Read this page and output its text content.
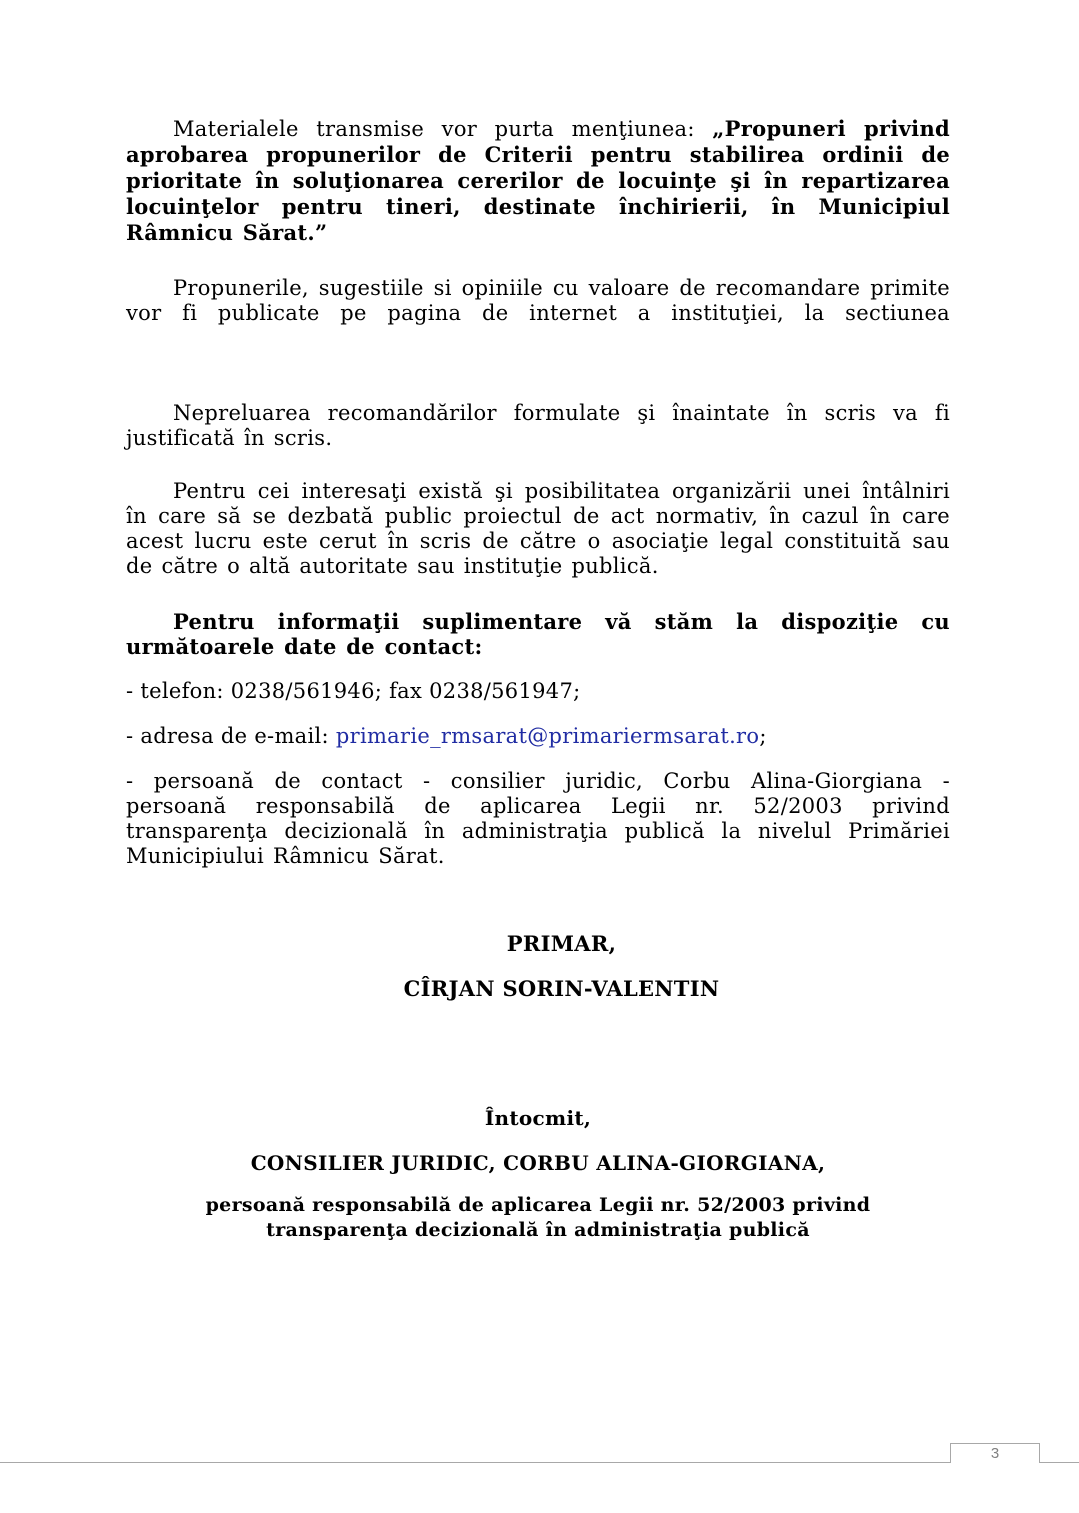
Materialele transmise vor purta menţiunea: „Propuneri privind aprobarea propunerilor de Criterii pentru stabilirea ordinii de prioritate în soluţionarea cererilor de locuinţe şi în repartizarea locuinţelor pentru tineri, destinate închirierii, în Municipiul Râmnicu Sărat.”

Propunerile, sugestiile si opiniile cu valoare de recomandare primite vor fi publicate pe pagina de internet a instituţiei, la sectiunea

Nepreluarea recomandărilor formulate şi înaintate în scris va fi justificată în scris.

Pentru cei interesaţi există şi posibilitatea organizării unei întâlniri în care să se dezbată public proiectul de act normativ, în cazul în care acest lucru este cerut în scris de către o asociaţie legal constituită sau de către o altă autoritate sau instituţie publică.

Pentru informaţii suplimentare vă stăm la dispoziţie cu următoarele date de contact:

- telefon: 0238/561946; fax 0238/561947;

- adresa de e-mail: primarie_rmsarat@primariermsarat.ro;

- persoană de contact - consilier juridic, Corbu Alina-Giorgiana - persoană responsabilă de aplicarea Legii nr. 52/2003 privind transparenţa decizională în administraţia publică la nivelul Primăriei Municipiului Râmnicu Sărat.

PRIMAR,

CÎRJAN SORIN-VALENTIN

Întocmit,

CONSILIER JURIDIC, CORBU ALINA-GIORGIANA,

persoană responsabilă de aplicarea Legii nr. 52/2003 privind transparenţa decizională în administraţia publică

3
